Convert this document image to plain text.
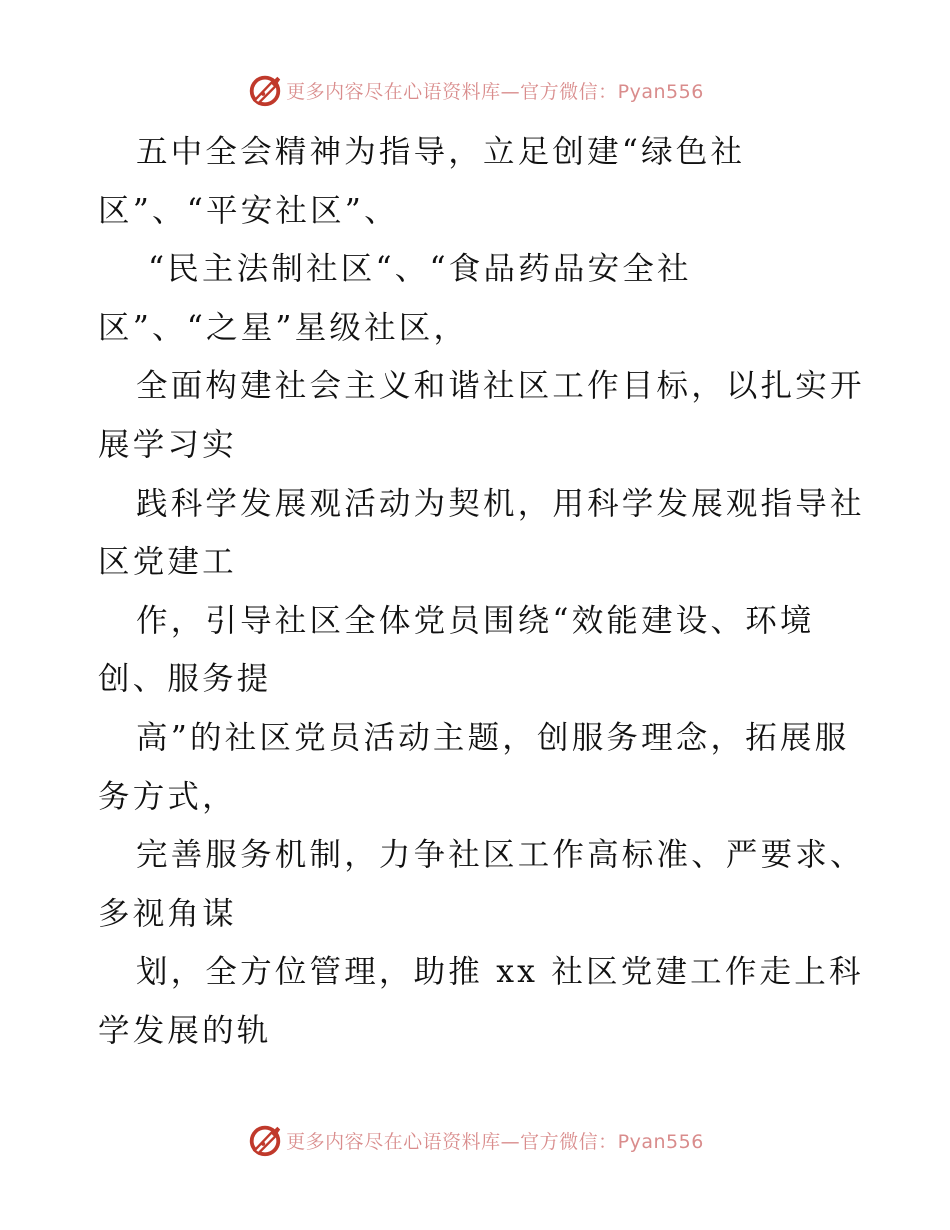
更多内容尽在心语资料库—官方微信：Pyan556
五中全会精神为指导，立足创建“绿色社
区”、“平安社区”、
“民主法制社区“、“食品药品安全社
区”、“之星”星级社区，
全面构建社会主义和谐社区工作目标，以扎实开
展学习实
践科学发展观活动为契机，用科学发展观指导社
区党建工
作，引导社区全体党员围绕“效能建设、环境
创、服务提
高”的社区党员活动主题，创服务理念，拓展服
务方式，
完善服务机制，力争社区工作高标准、严要求、
多视角谋
划，全方位管理，助推 xx 社区党建工作走上科
学发展的轨
更多内容尽在心语资料库—官方微信：Pyan556
